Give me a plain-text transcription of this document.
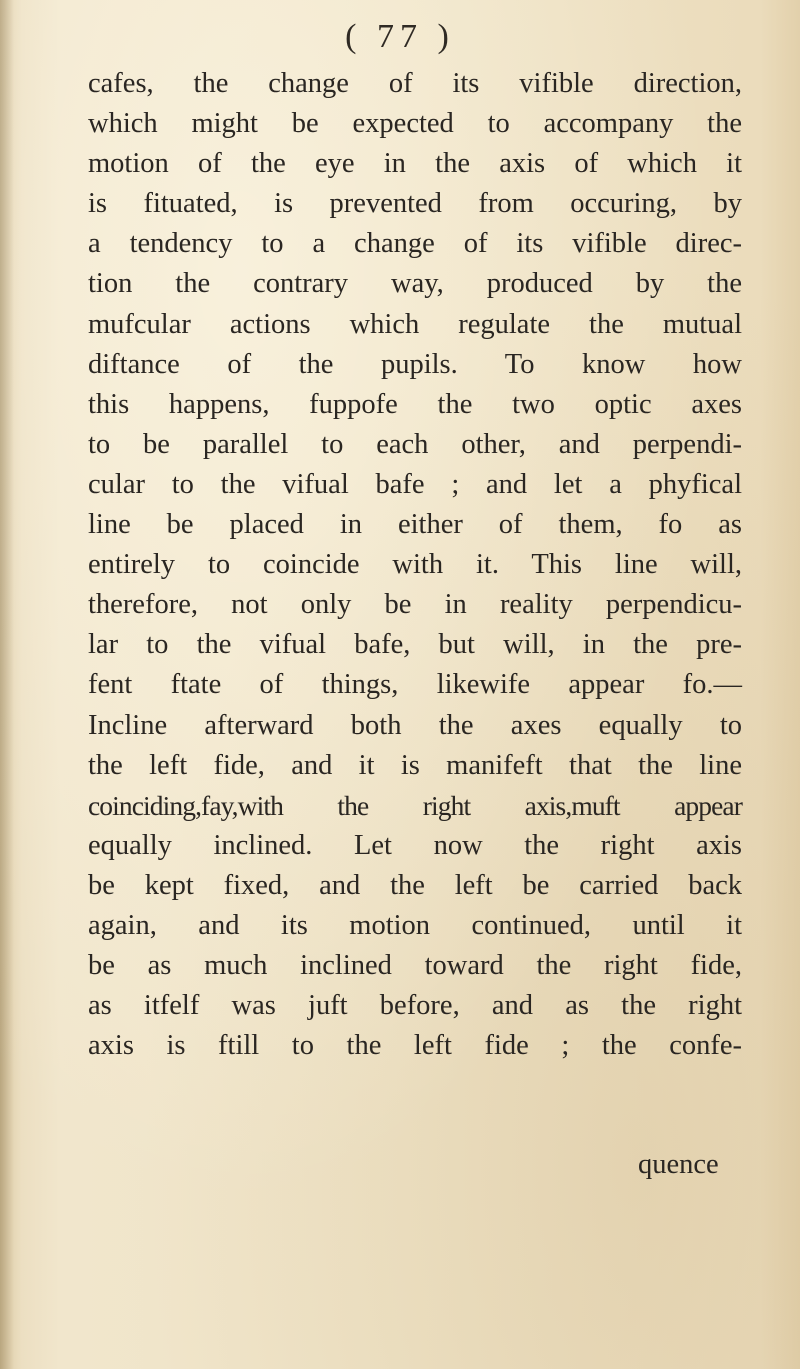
( 77 )
cafes, the change of its vifible direction,
which might be expected to accompany the
motion of the eye in the axis of which it
is fituated, is prevented from occuring, by
a tendency to a change of its vifible direc-
tion the contrary way, produced by the
mufcular actions which regulate the mutual
diftance of the pupils. To know how
this happens, fuppofe the two optic axes
to be parallel to each other, and perpendi-
cular to the vifual bafe ; and let a phyfical
line be placed in either of them, fo as
entirely to coincide with it. This line will,
therefore, not only be in reality perpendicu-
lar to the vifual bafe, but will, in the pre-
fent ftate of things, likewife appear fo.—
Incline afterward both the axes equally to
the left fide, and it is manifeft that the line
coinciding,fay,with the right axis,muft appear
equally inclined. Let now the right axis
be kept fixed, and the left be carried back
again, and its motion continued, until it
be as much inclined toward the right fide,
as itfelf was juft before, and as the right
axis is ftill to the left fide ; the confe-
quence
